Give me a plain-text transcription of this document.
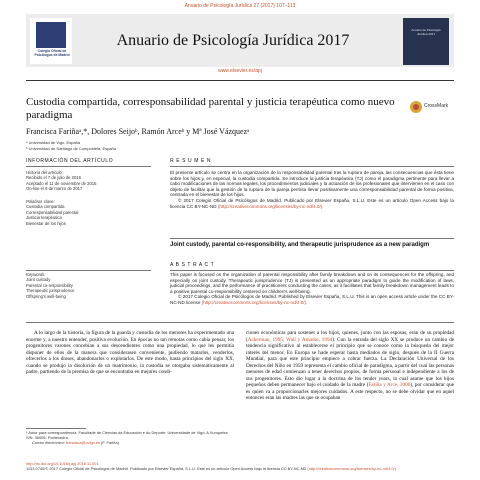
Anuario de Psicología Jurídica 27 (2017) 107–113
Colegio Oficial de Psicólogos de Madrid
Anuario de Psicología Jurídica 2017
Anuario de Psicología Jurídica 2017
www.elsevier.es/apj
Custodia compartida, corresponsabilidad parental y justicia terapéutica como nuevo paradigma
CrossMark
Francisca Fariñaᵃ,*, Dolores Seijoᵇ, Ramón Arceᵇ y Mª José Vázquezᵃ
ᵃ Universidad de Vigo, España
ᵇ Universidad de Santiago de Compostela, España
INFORMACIÓN DEL ARTÍCULO	R E S U M E N
Historia del artículo:
Recibido el 7 de julio de 2016
Aceptado el 11 de noviembre de 2016
On-line el 6 de marzo de 2017
Palabras clave:
Custodia compartida
Corresponsabilidad parental
Justicia terapéutica
Bienestar de los hijos
Keywords:
Joint custody
Parental co-responsibility
Therapeutic jurisprudence
Offspring's well-being
El presente artículo se centra en la organización de la responsabilidad parental tras la ruptura de pareja, las consecuencias que ésta tiene sobre los hijos y, en especial, la custodia compartida. Se introduce la justicia terapéutica (TJ) como el paradigma pertinente para llevar a cabo modificaciones de las normas legales, los procedimientos judiciales y la actuación de los profesionales que intervienen en el caso con objeto de facilitar que la gestión de la ruptura de la pareja permita llevar positivamente una corresponsabilidad parental de forma positiva, centrada en el bienestar de los hijos.
© 2017 Colegio Oficial de Psicólogos de Madrid. Publicado por Elsevier España, S.L.U. Este es un artículo Open Access bajo la licencia CC BY-NC-ND (http://creativecommons.org/licenses/by-nc-nd/4.0/).
Joint custody, parental co-responsibility, and therapeutic jurisprudence as a new paradigm
A B S T R A C T
This paper is focused on the organization of parental responsibility after family breakdown and on its consequences for the offspring, and especially on joint custody. Therapeutic jurisprudence (TJ) is presented as an appropriate paradigm to guide the modification of laws, judicial proceedings, and the performance of practitioners conducting the cases, as it facilitates that family breakdown management leads to a positive parental co-responsibility centered on children's well-being.
© 2017 Colegio Oficial de Psicólogos de Madrid. Published by Elsevier España, S.L.U. This is an open access article under the CC BY-NC-ND license (http://creativecommons.org/licenses/by-nc-nd/4.0/).

A lo largo de la historia, la figura de la guarda y custodia de los menores ha experimentado una enorme y, a nuestro entender, positiva evolución. En épocas no tan remotas como cabía pensar, los progenitores varones concebían a sus descendientes como una propiedad, lo que les permitía disponer de ellos de la manera que considerasen conveniente, pudiendo matarlos, venderlos, ofrecerlos a los dioses, abandonarlos o explotarlos. De este modo, hasta principios del siglo XX, cuando se produjo la disolución de un matrimonio, la custodia se otorgaba sistemáticamente al padre, partiendo de la premisa de que se encontraba en mejores condi-

ciones económicas para sostener a los hijos, quienes, junto con las esposas, eran de su propiedad (Ackerman, 1995; Wall y Amadio, 1994). Con la entrada del siglo XX se produce un cambio de tendencia significativo al establecerse el principio que se conoce como la búsqueda del mejor interés del menor. En Europa se hade esperar hasta mediados de siglo, después de la II Guerra Mundial, para que este principio empiece a cobrar fuerza. La Declaración Universal de los Derechos del Niño en 1959 representa el cambio oficial de paradigma, a partir del cual las personas menores de edad comienzan a tener derechos propios, de forma personal e independiente a los de sus progenitores. Esto dio lugar a la doctrina de los tender years, la cual asume que los hijos pequeños deben permanecer bajo el cuidado de la madre (Fariña y Arce, 2006), por considerar que es quien va a proporcionarles mejores cuidados. A este respecto, no se debe olvidar que en aquel entonces eran las madres las que se ocupaban

* Autor para correspondencia. Facultade de Ciencias da Educación e do Deporte. Universidade de Vigo. A Xunqueira S/N. 36005- Pontevedra.
Correo electrónico: francisca@uvigo.es (F. Fariña).
http://dx.doi.org/10.1016/j.apj.2016.11.001
1133-0740/© 2017 Colegio Oficial de Psicólogos de Madrid. Publicado por Elsevier España, S.L.U. Este es un artículo Open Access bajo la licencia CC BY-NC-ND (http://creativecommons.org/licenses/by-nc-nd/4.0/).
